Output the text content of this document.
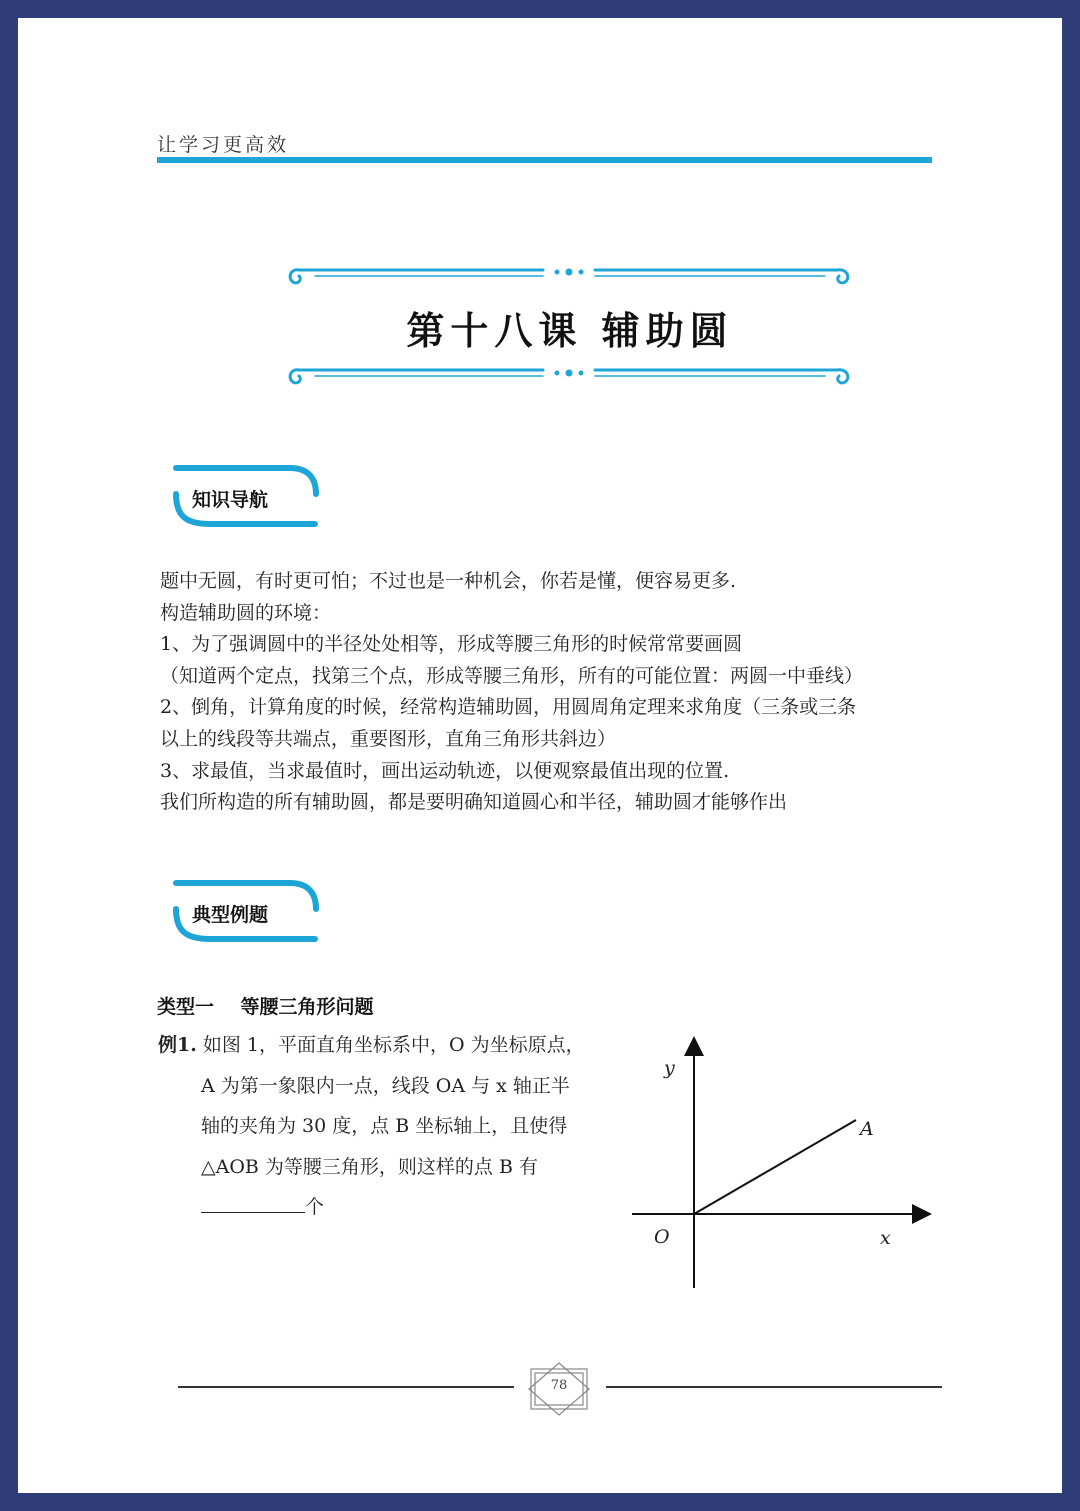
让学习更高效
第十八课 辅助圆
知识导航
题中无圆，有时更可怕；不过也是一种机会，你若是懂，便容易更多.
构造辅助圆的环境：
1、为了强调圆中的半径处处相等，形成等腰三角形的时候常常要画圆
（知道两个定点，找第三个点，形成等腰三角形，所有的可能位置：两圆一中垂线）
2、倒角，计算角度的时候，经常构造辅助圆，用圆周角定理来求角度（三条或三条
以上的线段等共端点，重要图形，直角三角形共斜边）
3、求最值，当求最值时，画出运动轨迹，以便观察最值出现的位置.
我们所构造的所有辅助圆，都是要明确知道圆心和半径，辅助圆才能够作出
典型例题
类型一    等腰三角形问题
例1. 如图 1，平面直角坐标系中，O 为坐标原点，
A 为第一象限内一点，线段 OA 与 x 轴正半
轴的夹角为 30 度，点 B 坐标轴上，且使得
△AOB 为等腰三角形，则这样的点 B 有
个
y
x
O
A
78
